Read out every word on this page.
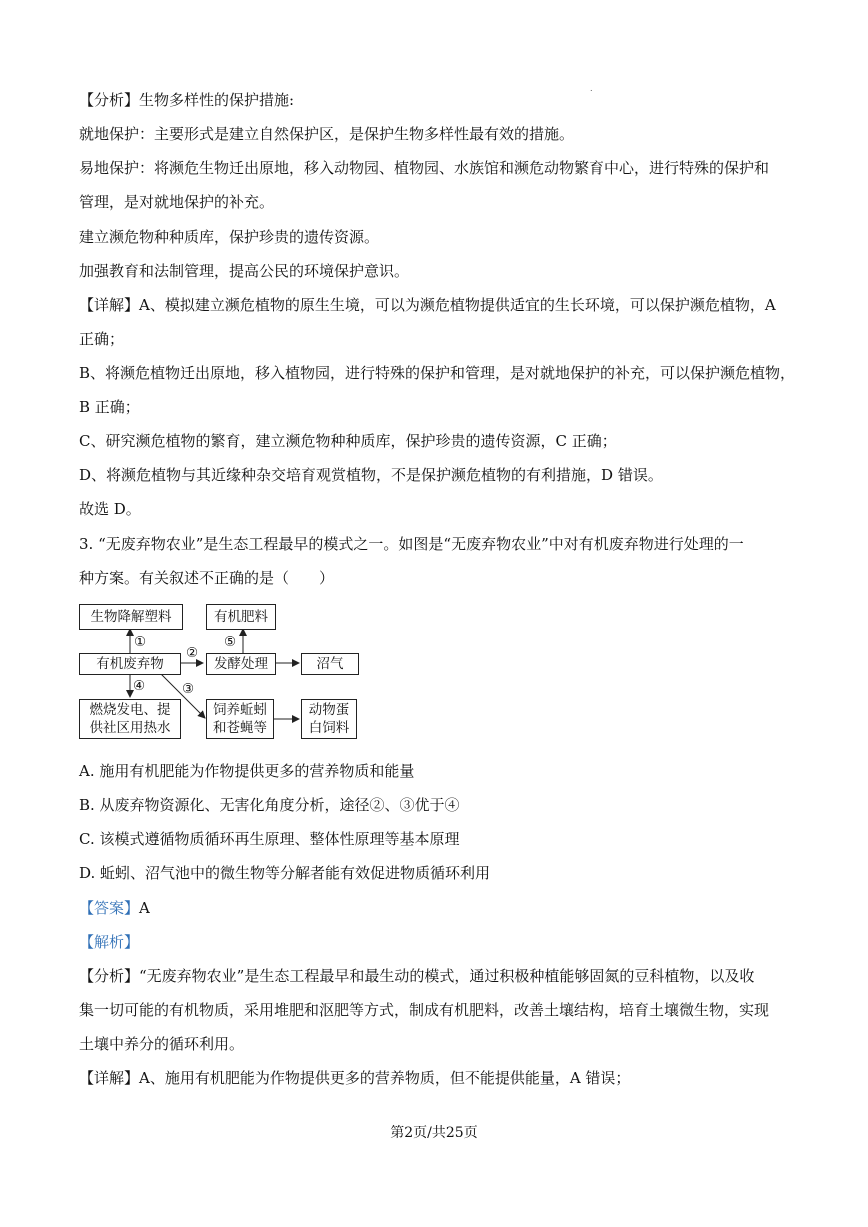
【分析】生物多样性的保护措施:
.
就地保护：主要形式是建立自然保护区，是保护生物多样性最有效的措施。
易地保护：将濒危生物迁出原地，移入动物园、植物园、水族馆和濒危动物繁育中心，进行特殊的保护和
管理，是对就地保护的补充。
建立濒危物种种质库，保护珍贵的遗传资源。
加强教育和法制管理，提高公民的环境保护意识。
【详解】A、模拟建立濒危植物的原生生境，可以为濒危植物提供适宜的生长环境，可以保护濒危植物，A
正确；
B、将濒危植物迁出原地，移入植物园，进行特殊的保护和管理，是对就地保护的补充，可以保护濒危植物，
B 正确；
C、研究濒危植物的繁育，建立濒危物种种质库，保护珍贵的遗传资源，C 正确；
D、将濒危植物与其近缘种杂交培育观赏植物，不是保护濒危植物的有利措施，D 错误。
故选 D。
3. “无废弃物农业”是生态工程最早的模式之一。如图是“无废弃物农业”中对有机废弃物进行处理的一
种方案。有关叙述不正确的是（　　）
生物降解塑料	有机肥料
有机废弃物	发酵处理	沼气
燃烧发电、提供社区用热水
饲养蚯蚓和苍蝇等
动物蛋白饲料
①
②
⑤
④	③
A. 施用有机肥能为作物提供更多的营养物质和能量
B. 从废弃物资源化、无害化角度分析，途径②、③优于④
C. 该模式遵循物质循环再生原理、整体性原理等基本原理
D. 蚯蚓、沼气池中的微生物等分解者能有效促进物质循环利用
【答案】A
【解析】
【分析】“无废弃物农业”是生态工程最早和最生动的模式，通过积极种植能够固氮的豆科植物，以及收
集一切可能的有机物质，采用堆肥和沤肥等方式，制成有机肥料，改善土壤结构，培育土壤微生物，实现
土壤中养分的循环利用。
【详解】A、施用有机肥能为作物提供更多的营养物质，但不能提供能量，A 错误；
第2页/共25页
